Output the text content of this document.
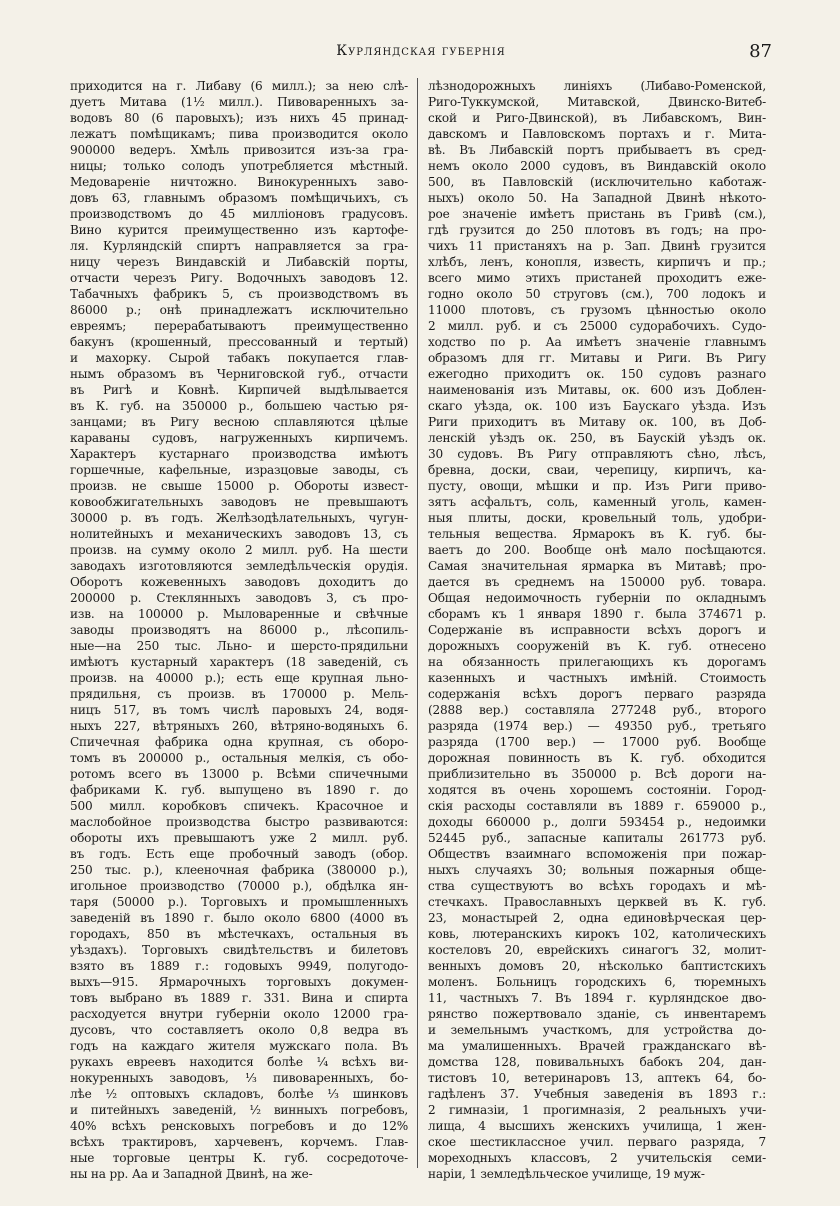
Курляндская губернія	87
приходится на г. Либаву (6 милл.); за нею слѣ-
дуетъ Митава (1½ милл.). Пивоваренныхъ за-
водовъ 80 (6 паровыхъ); изъ нихъ 45 принад-
лежатъ помѣщикамъ; пива производится около
900000 ведеръ. Хмѣль привозится изъ-за гра-
ницы; только солодъ употребляется мѣстный.
Медовареніе ничтожно. Винокуренныхъ заво-
довъ 63, главнымъ образомъ помѣщичьихъ, съ
производствомъ до 45 милліоновъ градусовъ.
Вино курится преимущественно изъ картофе-
ля. Курляндскій спиртъ направляется за гра-
ницу черезъ Виндавскій и Либавскій порты,
отчасти черезъ Ригу. Водочныхъ заводовъ 12.
Табачныхъ фабрикъ 5, съ производствомъ въ
86000 р.; онѣ принадлежатъ исключительно
евреямъ; перерабатываютъ преимущественно
бакунъ (крошенный, прессованный и тертый)
и махорку. Сырой табакъ покупается глав-
нымъ образомъ въ Черниговской губ., отчасти
въ Ригѣ и Ковнѣ. Кирпичей выдѣлывается
въ К. губ. на 350000 р., большею частью ря-
занцами; въ Ригу весною сплавляются цѣлые
караваны судовъ, нагруженныхъ кирпичемъ.
Характеръ кустарнаго производства имѣютъ
горшечные, кафельные, изразцовые заводы, съ
произв. не свыше 15000 р. Обороты извест-
ковообжигательныхъ заводовъ не превышаютъ
30000 р. въ годъ. Желѣзодѣлательныхъ, чугун-
нолитейныхъ и механическихъ заводовъ 13, съ
произв. на сумму около 2 милл. руб. На шести
заводахъ изготовляются земледѣльческія орудія.
Оборотъ кожевенныхъ заводовъ доходитъ до
200000 р. Стеклянныхъ заводовъ 3, съ про-
изв. на 100000 р. Мыловаренные и свѣчные
заводы производятъ на 86000 р., лѣсопиль-
ные—на 250 тыс. Льно- и шерсто-прядильни
имѣютъ кустарный характеръ (18 заведеній, съ
произв. на 40000 р.); есть еще крупная льно-
прядильня, съ произв. въ 170000 р. Мель-
ницъ 517, въ томъ числѣ паровыхъ 24, водя-
ныхъ 227, вѣтряныхъ 260, вѣтряно-водяныхъ 6.
Спичечная фабрика одна крупная, съ оборо-
томъ въ 200000 р., остальныя мелкія, съ обо-
ротомъ всего въ 13000 р. Всѣми спичечными
фабриками К. губ. выпущено въ 1890 г. до
500 милл. коробковъ спичекъ. Красочное и
маслобойное производства быстро развиваются:
обороты ихъ превышаютъ уже 2 милл. руб.
въ годъ. Есть еще пробочный заводъ (обор.
250 тыс. р.), клееночная фабрика (380000 р.),
игольное производство (70000 р.), обдѣлка ян-
таря (50000 р.). Торговыхъ и промышленныхъ
заведеній въ 1890 г. было около 6800 (4000 въ
городахъ, 850 въ мѣстечкахъ, остальныя въ
уѣздахъ). Торговыхъ свидѣтельствъ и билетовъ
взято въ 1889 г.: годовыхъ 9949, полугодо-
выхъ—915. Ярмарочныхъ торговыхъ докумен-
товъ выбрано въ 1889 г. 331. Вина и спирта
расходуется внутри губерніи около 12000 гра-
дусовъ, что составляетъ около 0,8 ведра въ
годъ на каждаго жителя мужскаго пола. Въ
рукахъ евреевъ находится болѣе ¼ всѣхъ ви-
нокуренныхъ заводовъ, ⅓ пивоваренныхъ, бо-
лѣе ½ оптовыхъ складовъ, болѣе ⅓ шинковъ
и питейныхъ заведеній, ½ винныхъ погребовъ,
40% всѣхъ ренсковыхъ погребовъ и до 12%
всѣхъ трактировъ, харчевенъ, корчемъ. Глав-
ные торговые центры К. губ. сосредоточе-
ны на рр. Аа и Западной Двинѣ, на же-
лѣзнодорожныхъ линіяхъ (Либаво-Роменской,
Риго-Туккумской, Митавской, Двинско-Витеб-
ской и Риго-Двинской), въ Либавскомъ, Вин-
давскомъ и Павловскомъ портахъ и г. Мита-
вѣ. Въ Либавскій портъ прибываетъ въ сред-
немъ около 2000 судовъ, въ Виндавскій около
500, въ Павловскій (исключительно каботаж-
ныхъ) около 50. На Западной Двинѣ нѣкото-
рое значеніе имѣетъ пристань въ Гривѣ (см.),
гдѣ грузится до 250 плотовъ въ годъ; на про-
чихъ 11 пристаняхъ на р. Зап. Двинѣ грузится
хлѣбъ, ленъ, конопля, известь, кирпичъ и пр.;
всего мимо этихъ пристаней проходитъ еже-
годно около 50 струговъ (см.), 700 лодокъ и
11000 плотовъ, съ грузомъ цѣнностью около
2 милл. руб. и съ 25000 судорабочихъ. Судо-
ходство по р. Аа имѣетъ значеніе главнымъ
образомъ для гг. Митавы и Риги. Въ Ригу
ежегодно приходитъ ок. 150 судовъ разнаго
наименованія изъ Митавы, ок. 600 изъ Доблен-
скаго уѣзда, ок. 100 изъ Бауcкаго уѣзда. Изъ
Риги приходитъ въ Митаву ок. 100, въ Доб-
ленскій уѣздъ ок. 250, въ Бауcкій уѣздъ ок.
30 судовъ. Въ Ригу отправляютъ сѣно, лѣсъ,
бревна, доски, сваи, черепицу, кирпичъ, ка-
пусту, овощи, мѣшки и пр. Изъ Риги приво-
зятъ асфальтъ, соль, каменный уголь, камен-
ныя плиты, доски, кровельный толь, удобри-
тельныя вещества. Ярмарокъ въ К. губ. бы-
ваетъ до 200. Вообще онѣ мало посѣщаются.
Самая значительная ярмарка въ Митавѣ; про-
дается въ среднемъ на 150000 руб. товара.
Общая недоимочность губерніи по окладнымъ
сборамъ къ 1 января 1890 г. была 374671 р.
Содержаніе въ исправности всѣхъ дорогъ и
дорожныхъ сооруженій въ К. губ. отнесено
на обязанность прилегающихъ къ дорогамъ
казенныхъ и частныхъ имѣній. Стоимость
содержанія всѣхъ дорогъ перваго разряда
(2888 вер.) составляла 277248 руб., второго
разряда (1974 вер.) — 49350 руб., третьяго
разряда (1700 вер.) — 17000 руб. Вообще
дорожная повинность въ К. губ. обходится
приблизительно въ 350000 р. Всѣ дороги на-
ходятся въ очень хорошемъ состояніи. Город-
скія расходы составляли въ 1889 г. 659000 р.,
доходы 660000 р., долги 593454 р., недоимки
52445 руб., запасные капиталы 261773 руб.
Обществъ взаимнаго вспоможенія при пожар-
ныхъ случаяхъ 30; вольныя пожарныя обще-
ства существуютъ во всѣхъ городахъ и мѣ-
стечкахъ. Православныхъ церквей въ К. губ.
23, монастырей 2, одна единовѣрческая цер-
ковь, лютеранскихъ кирокъ 102, католическихъ
костеловъ 20, еврейскихъ синагогъ 32, молит-
венныхъ домовъ 20, нѣсколько баптистскихъ
моленъ. Больницъ городскихъ 6, тюремныхъ
11, частныхъ 7. Въ 1894 г. курляндское дво-
рянство пожертвовало зданіе, съ инвентаремъ
и земельнымъ участкомъ, для устройства до-
ма умалишенныхъ. Врачей гражданскаго вѣ-
домства 128, повивальныхъ бабокъ 204, дан-
тистовъ 10, ветеринаровъ 13, аптекъ 64, бо-
гадѣленъ 37. Учебныя заведенія въ 1893 г.:
2 гимназіи, 1 прогимназія, 2 реальныхъ учи-
лища, 4 высшихъ женскихъ училища, 1 жен-
ское шестиклассное учил. перваго разряда, 7
мореходныхъ классовъ, 2 учительскія семи-
наріи, 1 земледѣльческое училище, 19 муж-
